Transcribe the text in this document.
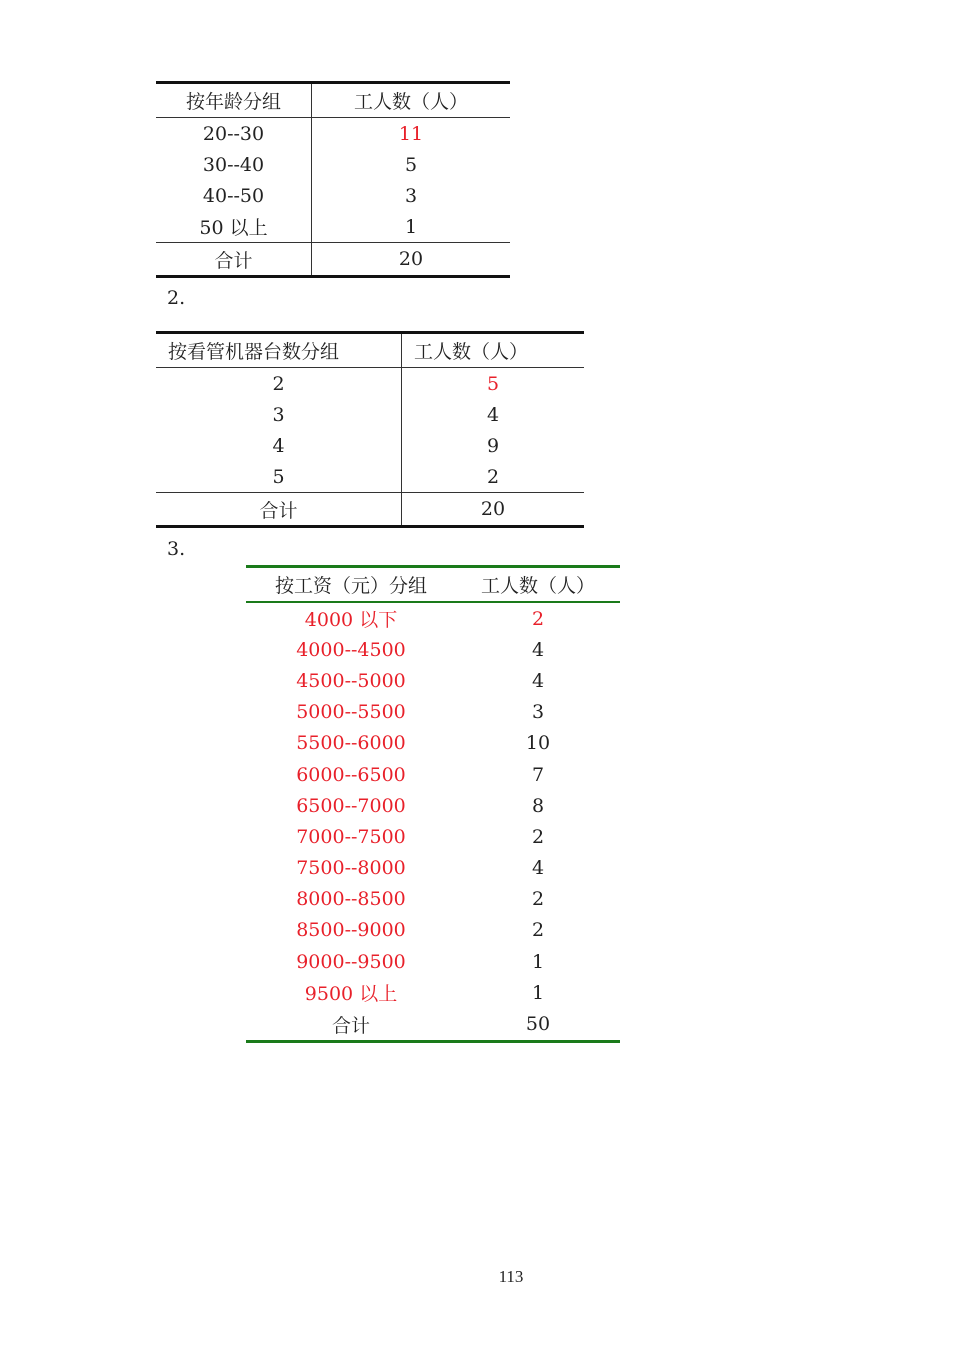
按年龄分组	工人数（人）
20--30	11
30--40	5
40--50	3
50 以上	1
合计	20
2.
按看管机器台数分组	工人数（人）
2	5
3	4
4	9
5	2
合计	20
3.
按工资（元）分组	工人数（人）
4000 以下	2
4000--4500	4
4500--5000	4
5000--5500	3
5500--6000	10
6000--6500	7
6500--7000	8
7000--7500	2
7500--8000	4
8000--8500	2
8500--9000	2
9000--9500	1
9500 以上	1
合计	50
113
